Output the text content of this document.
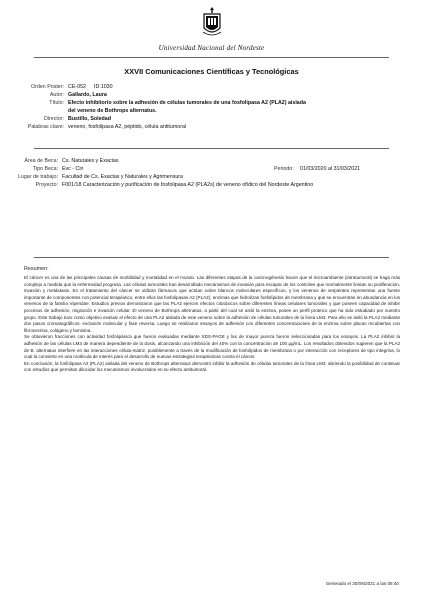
Universidad Nacional del Nordeste
XXVII Comunicaciones Científicas y Tecnológicas
Orden Poster: CE-052 ID:1030
Autor: Gallardo, Laura
Título: Efecto inhibitorio sobre la adhesión de células tumorales de una fosfolipasa A2 (PLA2) aislada
del veneno de Bothrops alternatus.
Director: Bustillo, Soledad
Palabras clave: veneno, fosfolipasa A2, péptido, célula antitumoral
Área de Beca: Cs. Naturales y Exactas
Tipo Beca: Evc - Cin	Periodo: 01/03/2020 al 31/03/2021
Lugar de trabajo: Facultad de Cs. Exactas y Naturales y Agrimensura
Proyecto: F001/18 Caracterización y purificación de fosfolipasa A2 (PLA2s) de veneno ofídico del Nordeste Argentino
Resumen:

El cáncer es una de las principales causas de morbilidad y mortalidad en el mundo. Las diferentes etapas de la carcinogénesis hacen que el microambiente (intratumoral) se haga más complejo a medida que la enfermedad progresa. Las células tumorales han desarrollado mecanismos de invasión para escapar de los controles que normalmente limitan su proliferación, invasión y metástasis. En el tratamiento del cáncer se utilizan fármacos que actúan sobre blancos moleculares específicos, y los venenos de serpientes representan una fuente importante de componentes con potencial terapéutico, entre ellos las fosfolipasas A2 (PLA2), enzimas que hidrolizan fosfolípidos de membrana y que se encuentran en abundancia en los venenos de la familia Viperidae. Estudios previos demostraron que las PLA2 ejercen efectos citotóxicos sobre diferentes líneas celulares tumorales y que poseen capacidad de inhibir procesos de adhesión, migración e invasión celular. El veneno de Bothrops alternatus, a partir del cual se aisló la enzima, posee un perfil proteico que ha sido estudiado por nuestro grupo. Este trabajo tuvo como objetivo evaluar el efecto de una PLA2 aislada de este veneno sobre la adhesión de células tumorales de la línea LM3. Para ello se aisló la PLA2 mediante dos pasos cromatográficos: exclusión molecular y fase reversa. Luego se realizaron ensayos de adhesión con diferentes concentraciones de la enzima sobre placas recubiertas con fibronectina, colágeno y laminina.

Se obtuvieron fracciones con actividad fosfolipásica que fueron evaluadas mediante SDS-PAGE y las de mayor pureza fueron seleccionadas para los ensayos. La PLA2 inhibió la adhesión de las células LM3 de manera dependiente de la dosis, alcanzando una inhibición del 40% con la concentración de 100 µg/mL. Los resultados obtenidos sugieren que la PLA2 de B. alternatus interfiere en las interacciones célula-matriz, posiblemente a través de la modificación de fosfolípidos de membrana o por interacción con receptores de tipo integrina, lo cual la convierte en una molécula de interés para el desarrollo de nuevas estrategias terapéuticas contra el cáncer.

En conclusión, la fosfolipasa A2 (PLA2) aislada del veneno de Bothrops alternatus demostró inhibir la adhesión de células tumorales de la línea LM3, abriendo la posibilidad de continuar con estudios que permitan dilucidar los mecanismos involucrados en su efecto antitumoral.

Generado el 30/09/2021 a las 08:40
